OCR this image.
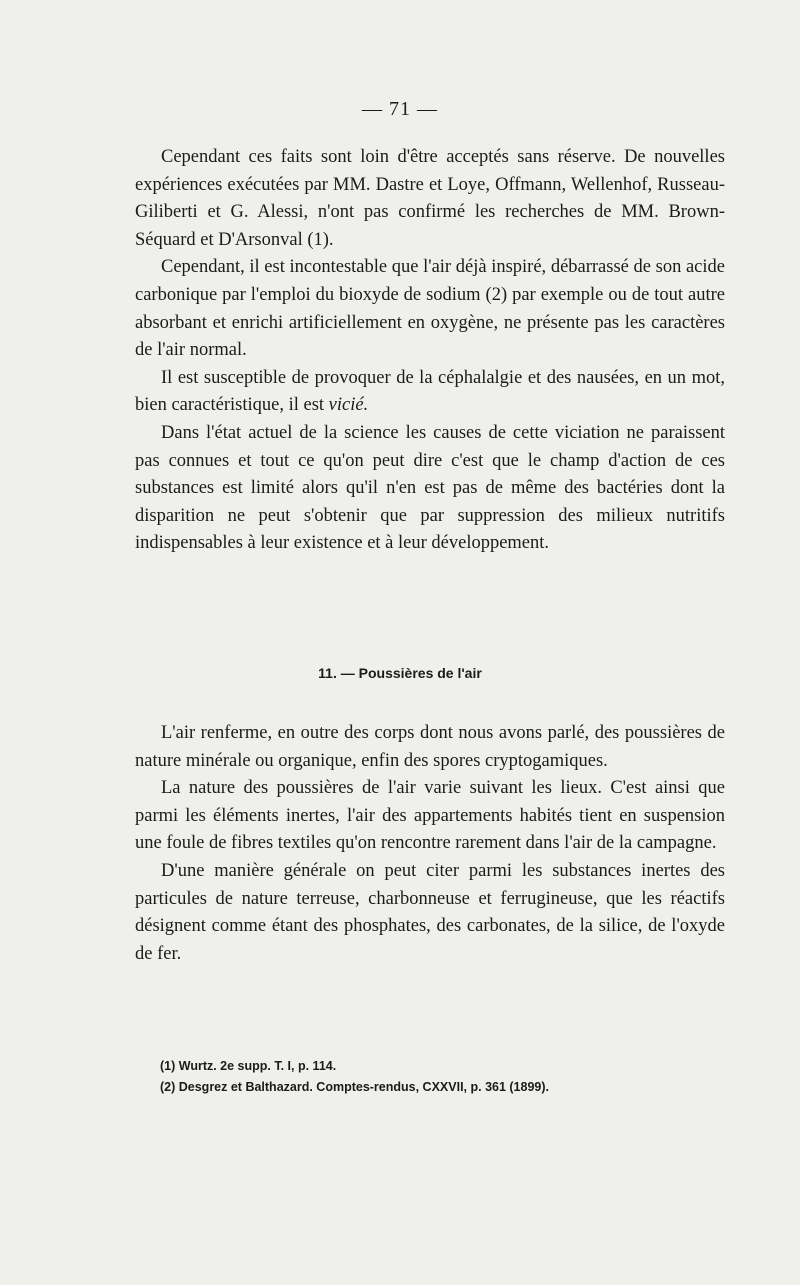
— 71 —

Cependant ces faits sont loin d'être acceptés sans réserve. De nouvelles expériences exécutées par MM. Dastre et Loye, Offmann, Wellenhof, Russeau-Giliberti et G. Alessi, n'ont pas confirmé les recherches de MM. Brown-Séquard et D'Arsonval (1).

Cependant, il est incontestable que l'air déjà inspiré, débarrassé de son acide carbonique par l'emploi du bioxyde de sodium (2) par exemple ou de tout autre absorbant et enrichi artificiellement en oxygène, ne présente pas les caractères de l'air normal.

Il est susceptible de provoquer de la céphalalgie et des nausées, en un mot, bien caractéristique, il est vicié.

Dans l'état actuel de la science les causes de cette viciation ne paraissent pas connues et tout ce qu'on peut dire c'est que le champ d'action de ces substances est limité alors qu'il n'en est pas de même des bactéries dont la disparition ne peut s'obtenir que par suppression des milieux nutritifs indispensables à leur existence et à leur développement.

11. — Poussières de l'air

L'air renferme, en outre des corps dont nous avons parlé, des poussières de nature minérale ou organique, enfin des spores cryptogamiques.

La nature des poussières de l'air varie suivant les lieux. C'est ainsi que parmi les éléments inertes, l'air des appartements habités tient en suspension une foule de fibres textiles qu'on rencontre rarement dans l'air de la campagne.

D'une manière générale on peut citer parmi les substances inertes des particules de nature terreuse, charbonneuse et ferrugineuse, que les réactifs désignent comme étant des phosphates, des carbonates, de la silice, de l'oxyde de fer.

(1) Wurtz. 2e supp. T. I, p. 114.
(2) Desgrez et Balthazard. Comptes-rendus, CXXVII, p. 361 (1899).
